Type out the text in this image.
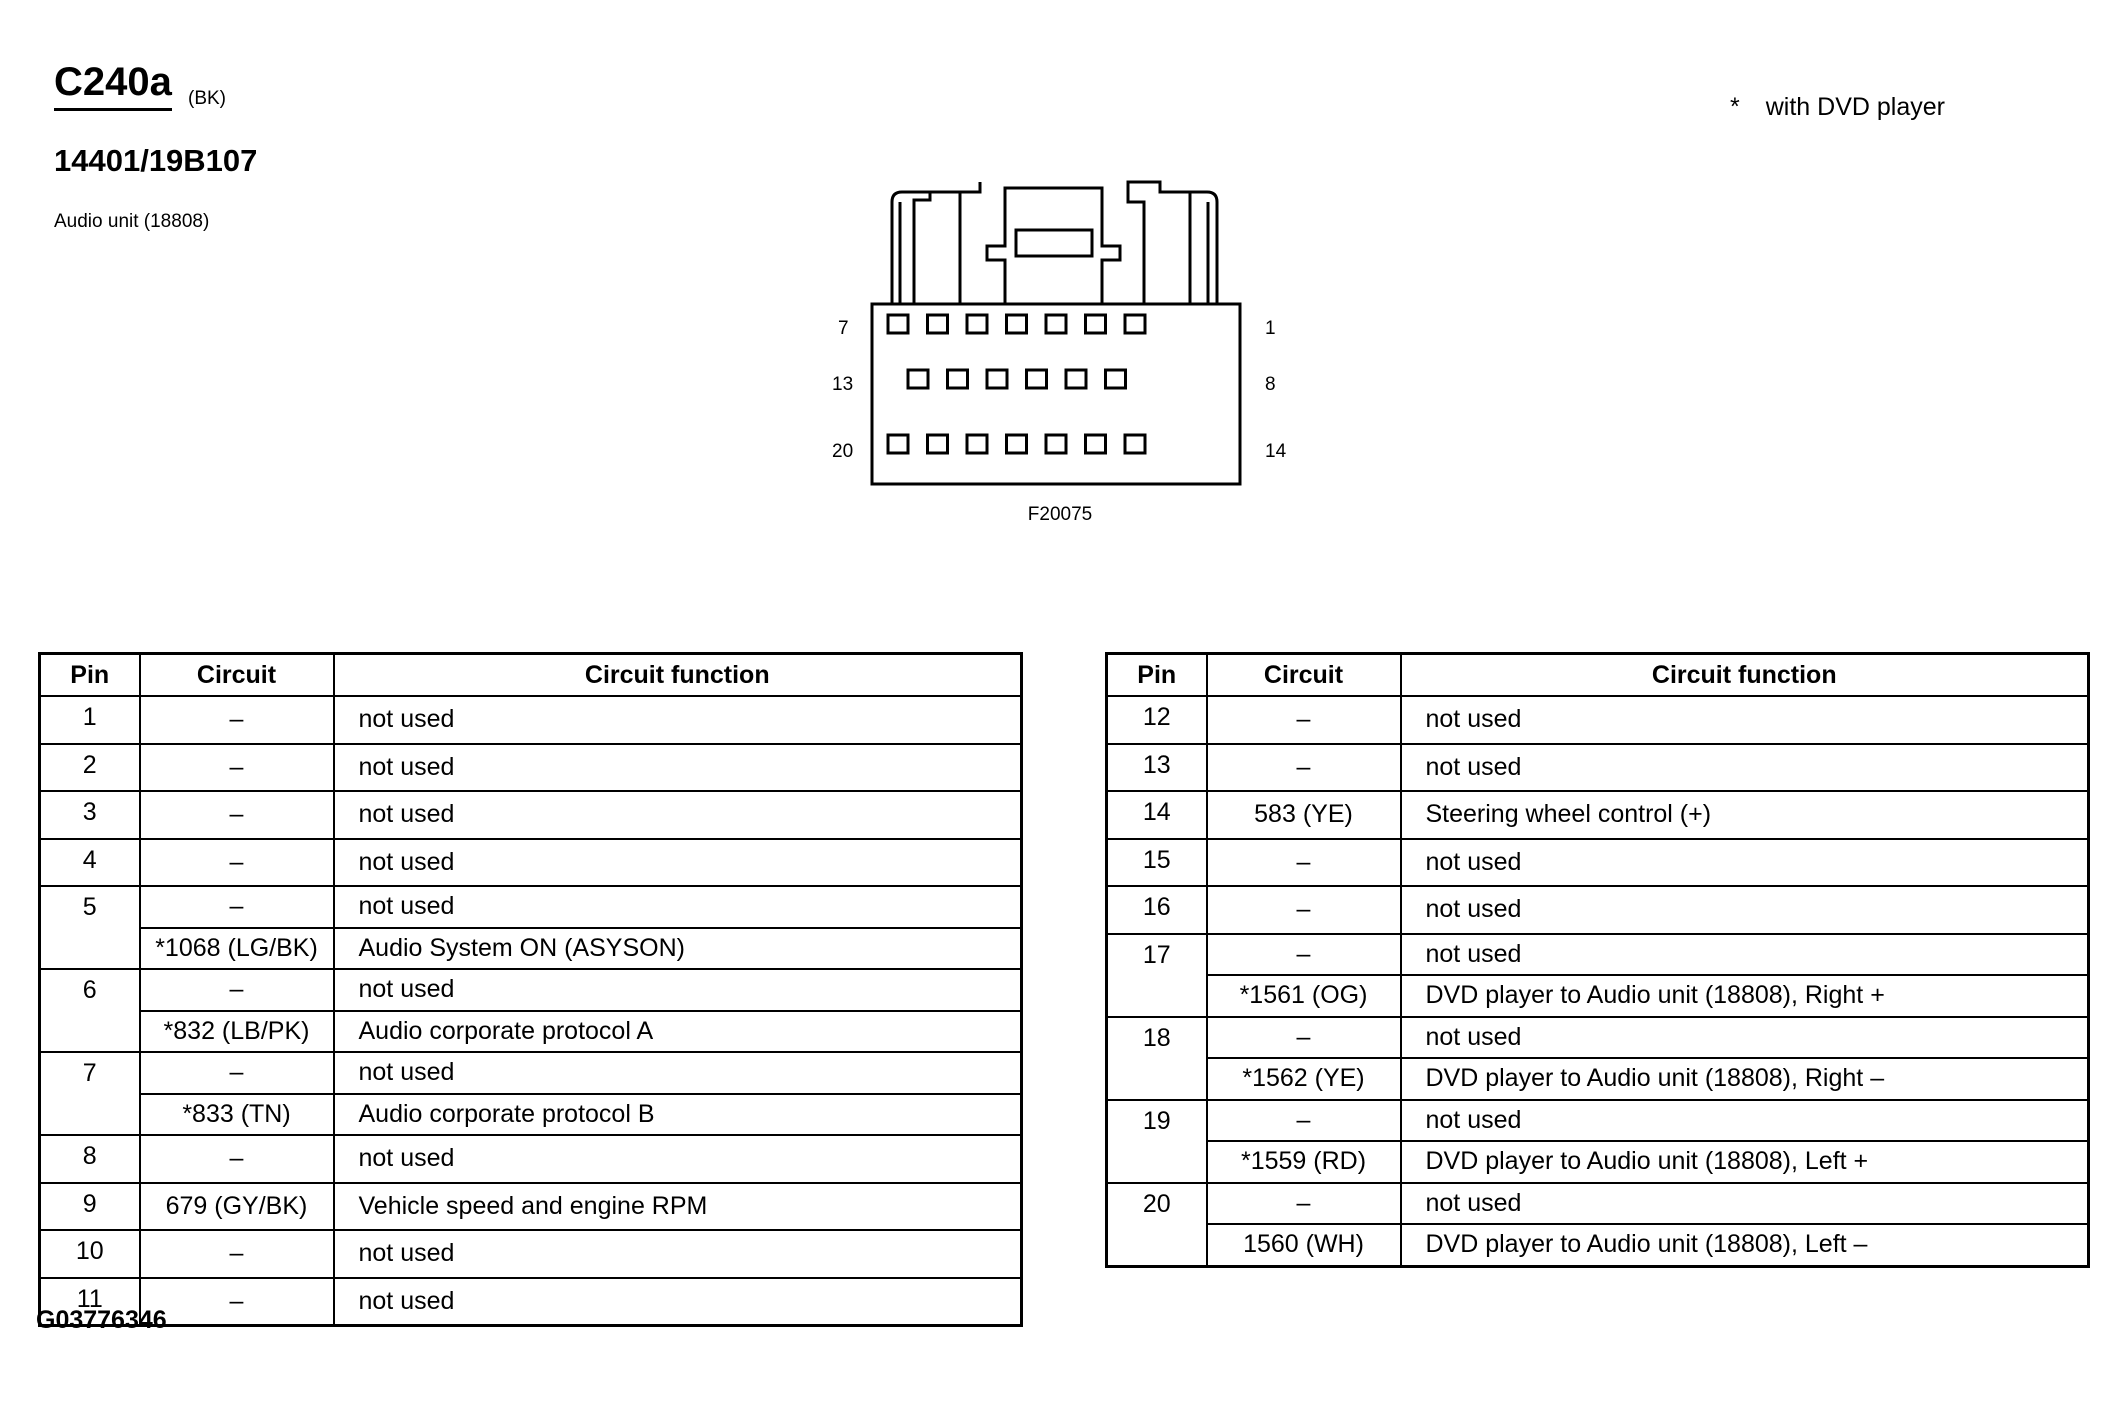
C240a (BK)
14401/19B107
Audio unit (18808)
* with DVD player
7	1
13	8
20	14
F20075
Pin	Circuit	Circuit function
1	–	not used
2	–	not used
3	–	not used
4	–	not used
5	–	not used
	*1068 (LG/BK)	Audio System ON (ASYSON)
6	–	not used
	*832 (LB/PK)	Audio corporate protocol A
7	–	not used
	*833 (TN)	Audio corporate protocol B
8	–	not used
9	679 (GY/BK)	Vehicle speed and engine RPM
10	–	not used
11	–	not used
Pin	Circuit	Circuit function
12	–	not used
13	–	not used
14	583 (YE)	Steering wheel control (+)
15	–	not used
16	–	not used
17	–	not used
	*1561 (OG)	DVD player to Audio unit (18808), Right +
18	–	not used
	*1562 (YE)	DVD player to Audio unit (18808), Right –
19	–	not used
	*1559 (RD)	DVD player to Audio unit (18808), Left +
20	–	not used
	1560 (WH)	DVD player to Audio unit (18808), Left –
G03776346
